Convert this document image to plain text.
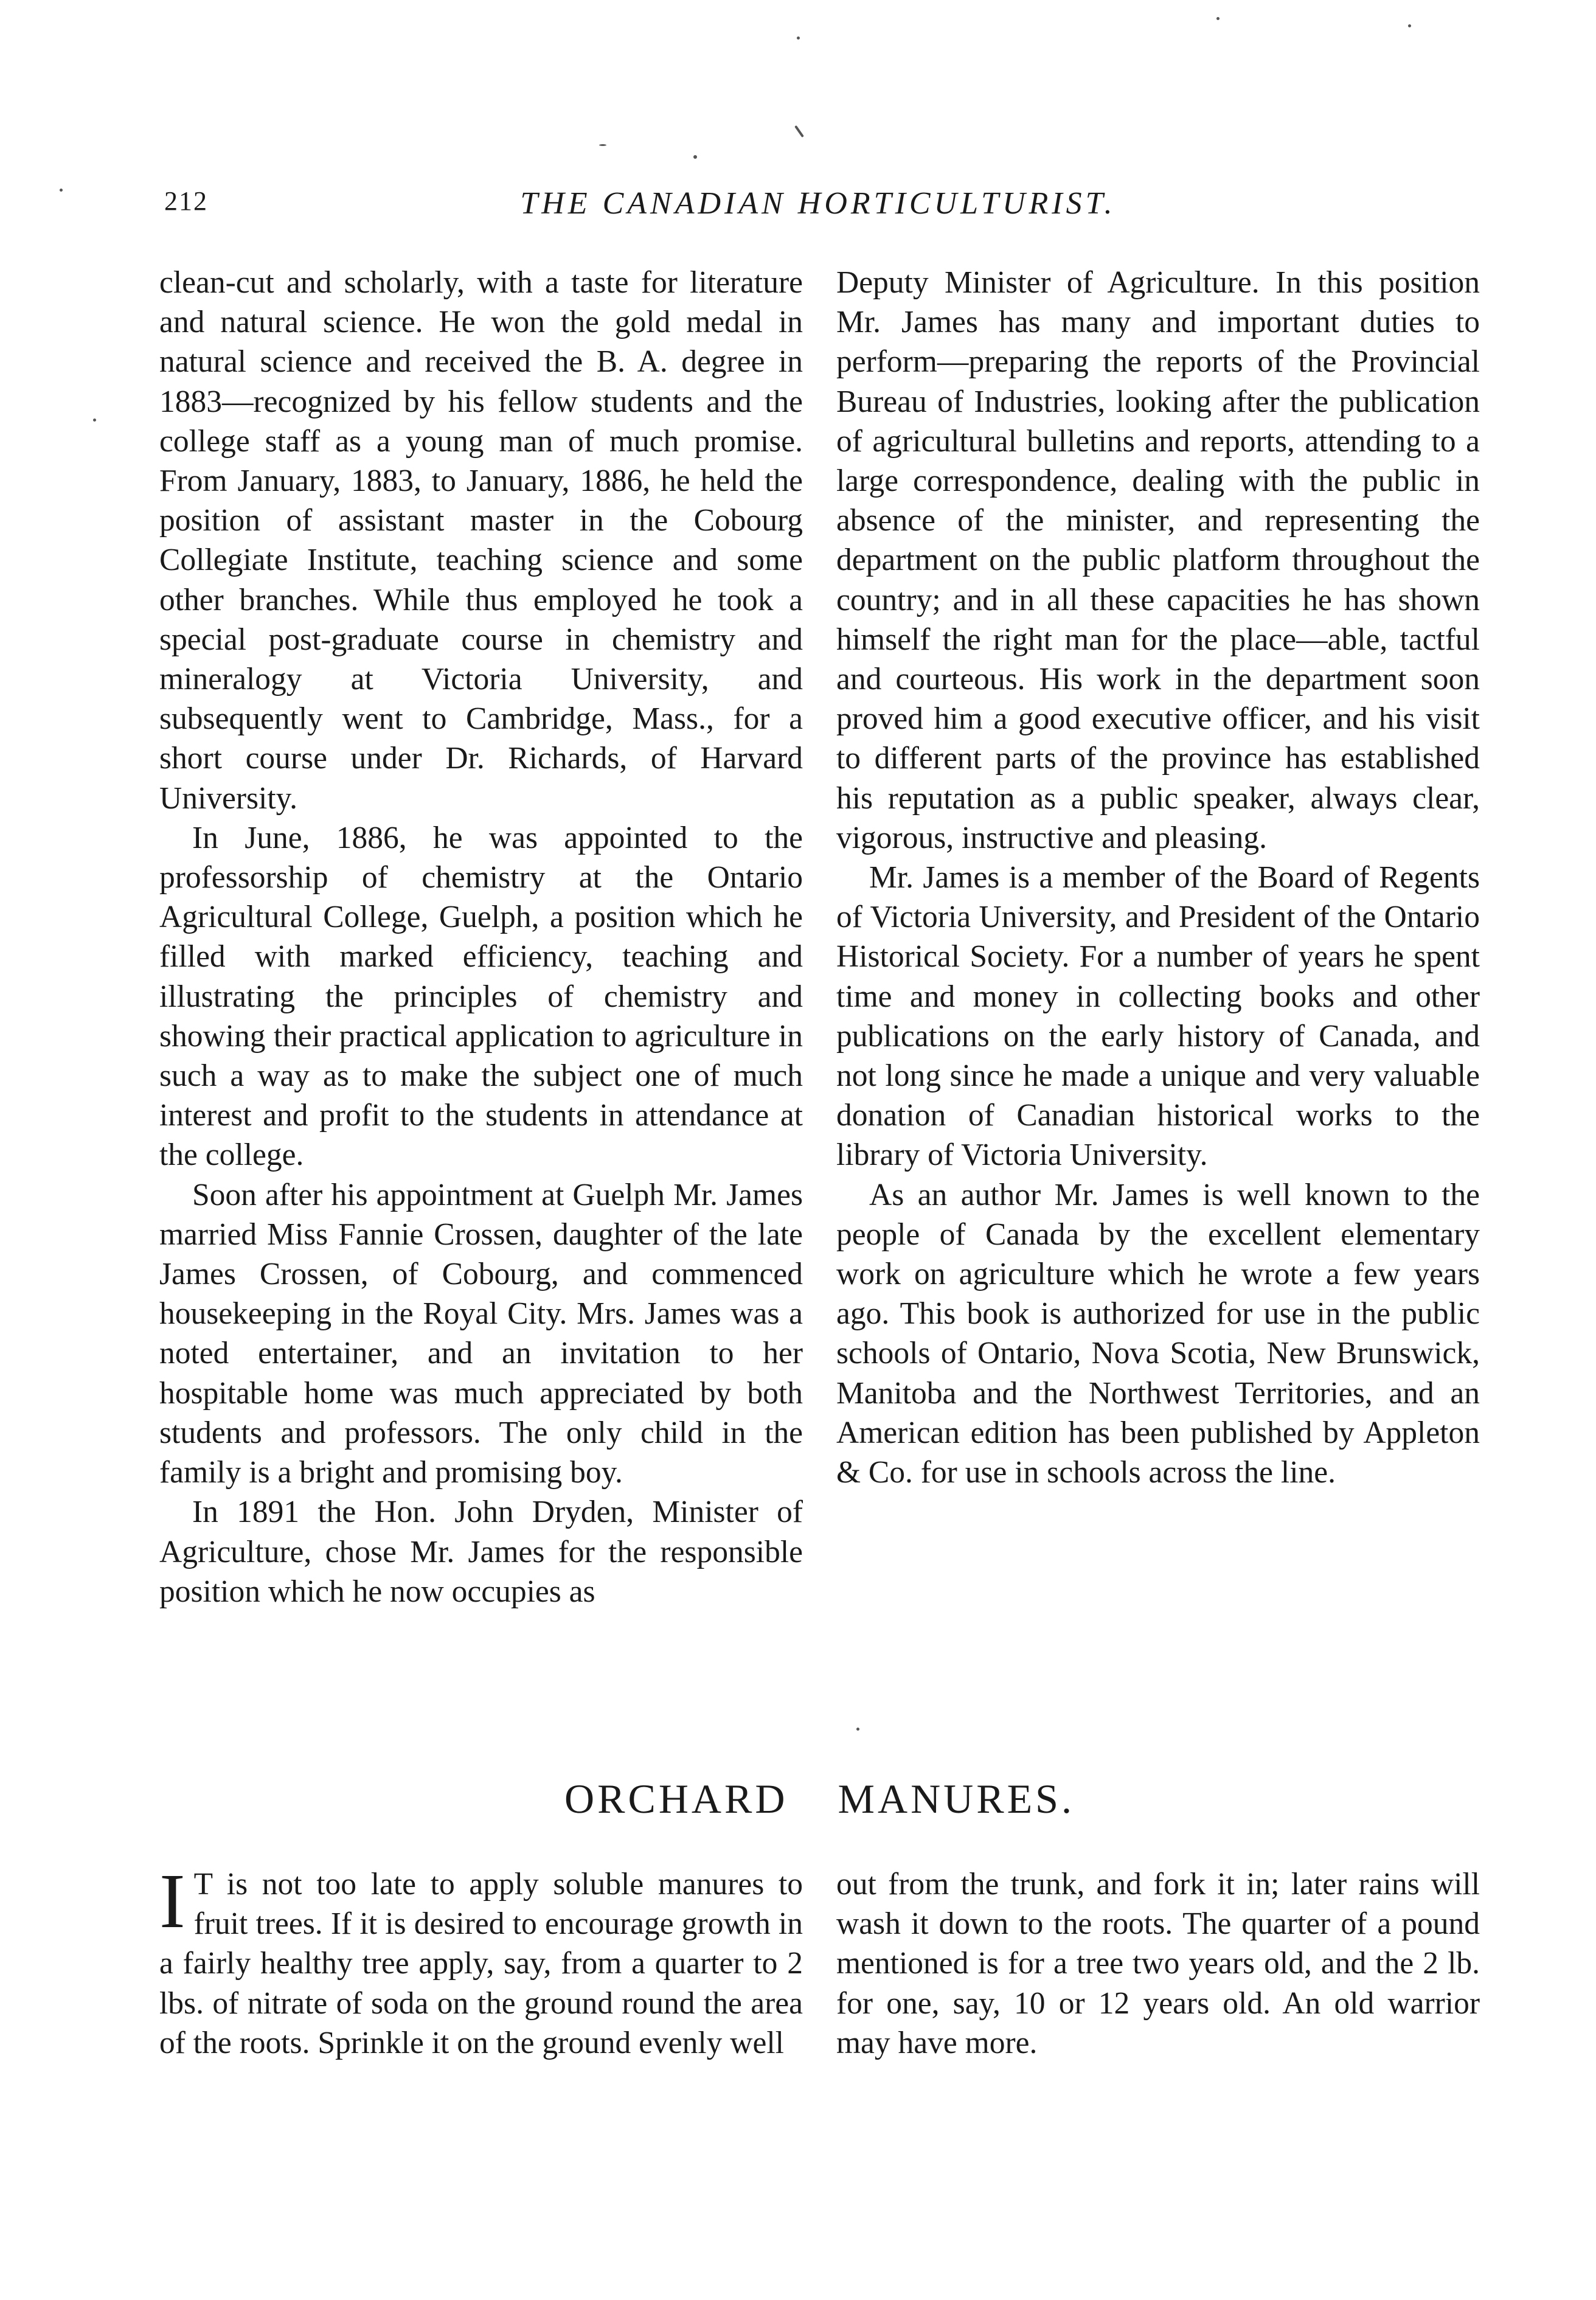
212	THE CANADIAN HORTICULTURIST.

clean-cut and scholarly, with a taste for literature and natural science. He won the gold medal in natural science and received the B. A. degree in 1883—recognized by his fellow students and the college staff as a young man of much promise. From January, 1883, to January, 1886, he held the position of assistant master in the Cobourg Collegiate Institute, teaching science and some other branches. While thus employed he took a special post-graduate course in chemistry and mineralogy at Victoria University, and subsequently went to Cambridge, Mass., for a short course under Dr. Richards, of Harvard University.

In June, 1886, he was appointed to the professorship of chemistry at the Ontario Agricultural College, Guelph, a position which he filled with marked efficiency, teaching and illustrating the principles of chemistry and showing their practical application to agriculture in such a way as to make the subject one of much interest and profit to the students in attendance at the college.

Soon after his appointment at Guelph Mr. James married Miss Fannie Crossen, daughter of the late James Crossen, of Cobourg, and commenced housekeeping in the Royal City. Mrs. James was a noted entertainer, and an invitation to her hospitable home was much appreciated by both students and professors. The only child in the family is a bright and promising boy.

In 1891 the Hon. John Dryden, Minister of Agriculture, chose Mr. James for the responsible position which he now occupies as

Deputy Minister of Agriculture. In this position Mr. James has many and important duties to perform—preparing the reports of the Provincial Bureau of Industries, looking after the publication of agricultural bulletins and reports, attending to a large correspondence, dealing with the public in absence of the minister, and representing the department on the public platform throughout the country; and in all these capacities he has shown himself the right man for the place—able, tactful and courteous. His work in the department soon proved him a good executive officer, and his visit to different parts of the province has established his reputation as a public speaker, always clear, vigorous, instructive and pleasing.

Mr. James is a member of the Board of Regents of Victoria University, and President of the Ontario Historical Society. For a number of years he spent time and money in collecting books and other publications on the early history of Canada, and not long since he made a unique and very valuable donation of Canadian historical works to the library of Victoria University.

As an author Mr. James is well known to the people of Canada by the excellent elementary work on agriculture which he wrote a few years ago. This book is authorized for use in the public schools of Ontario, Nova Scotia, New Brunswick, Manitoba and the Northwest Territories, and an American edition has been published by Appleton & Co. for use in schools across the line.

ORCHARD MANURES.

I T is not too late to apply soluble manures to fruit trees. If it is desired to encourage growth in a fairly healthy tree apply, say, from a quarter to 2 lbs. of nitrate of soda on the ground round the area of the roots. Sprinkle it on the ground evenly well

out from the trunk, and fork it in; later rains will wash it down to the roots. The quarter of a pound mentioned is for a tree two years old, and the 2 lb. for one, say, 10 or 12 years old. An old warrior may have more.
